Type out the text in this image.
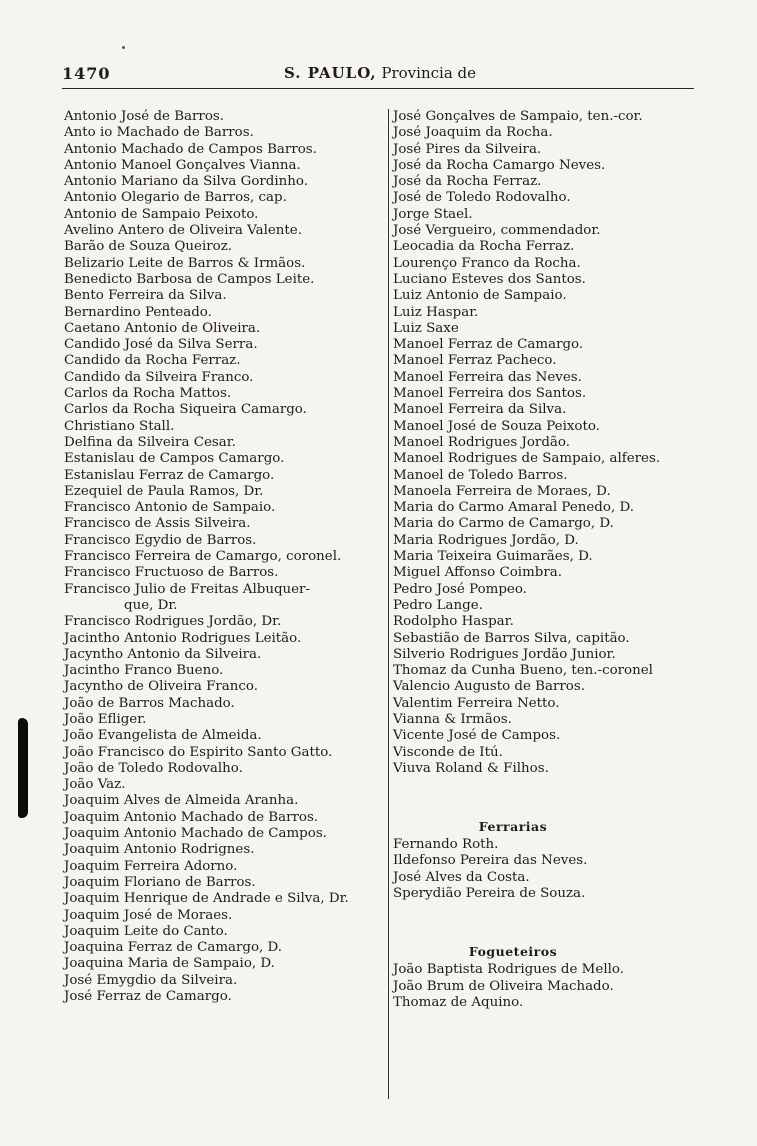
1470	S. PAULO, Provincia de
Antonio José de Barros.
Anto io Machado de Barros.
Antonio Machado de Campos Barros.
Antonio Manoel Gonçalves Vianna.
Antonio Mariano da Silva Gordinho.
Antonio Olegario de Barros, cap.
Antonio de Sampaio Peixoto.
Avelino Antero de Oliveira Valente.
Barão de Souza Queiroz.
Belizario Leite de Barros & Irmãos.
Benedicto Barbosa de Campos Leite.
Bento Ferreira da Silva.
Bernardino Penteado.
Caetano Antonio de Oliveira.
Candido José da Silva Serra.
Candido da Rocha Ferraz.
Candido da Silveira Franco.
Carlos da Rocha Mattos.
Carlos da Rocha Siqueira Camargo.
Christiano Stall.
Delfina da Silveira Cesar.
Estanislau de Campos Camargo.
Estanislau Ferraz de Camargo.
Ezequiel de Paula Ramos, Dr.
Francisco Antonio de Sampaio.
Francisco de Assis Silveira.
Francisco Egydio de Barros.
Francisco Ferreira de Camargo, coronel.
Francisco Fructuoso de Barros.
Francisco Julio de Freitas Albuquer-
que, Dr.
Francisco Rodrigues Jordão, Dr.
Jacintho Antonio Rodrigues Leitão.
Jacyntho Antonio da Silveira.
Jacintho Franco Bueno.
Jacyntho de Oliveira Franco.
João de Barros Machado.
João Efliger.
João Evangelista de Almeida.
João Francisco do Espirito Santo Gatto.
João de Toledo Rodovalho.
João Vaz.
Joaquim Alves de Almeida Aranha.
Joaquim Antonio Machado de Barros.
Joaquim Antonio Machado de Campos.
Joaquim Antonio Rodrignes.
Joaquim Ferreira Adorno.
Joaquim Floriano de Barros.
Joaquim Henrique de Andrade e Silva, Dr.
Joaquim José de Moraes.
Joaquim Leite do Canto.
Joaquina Ferraz de Camargo, D.
Joaquina Maria de Sampaio, D.
José Emygdio da Silveira.
José Ferraz de Camargo.
José Gonçalves de Sampaio, ten.-cor.
José Joaquim da Rocha.
José Pires da Silveira.
José da Rocha Camargo Neves.
José da Rocha Ferraz.
José de Toledo Rodovalho.
Jorge Stael.
José Vergueiro, commendador.
Leocadia da Rocha Ferraz.
Lourenço Franco da Rocha.
Luciano Esteves dos Santos.
Luiz Antonio de Sampaio.
Luiz Haspar.
Luiz Saxe
Manoel Ferraz de Camargo.
Manoel Ferraz Pacheco.
Manoel Ferreira das Neves.
Manoel Ferreira dos Santos.
Manoel Ferreira da Silva.
Manoel José de Souza Peixoto.
Manoel Rodrigues Jordão.
Manoel Rodrigues de Sampaio, alferes.
Manoel de Toledo Barros.
Manoela Ferreira de Moraes, D.
Maria do Carmo Amaral Penedo, D.
Maria do Carmo de Camargo, D.
Maria Rodrigues Jordão, D.
Maria Teixeira Guimarães, D.
Miguel Affonso Coimbra.
Pedro José Pompeo.
Pedro Lange.
Rodolpho Haspar.
Sebastião de Barros Silva, capitão.
Silverio Rodrigues Jordão Junior.
Thomaz da Cunha Bueno, ten.-coronel
Valencio Augusto de Barros.
Valentim Ferreira Netto.
Vianna & Irmãos.
Vicente José de Campos.
Visconde de Itú.
Viuva Roland & Filhos.
Ferrarias
Fernando Roth.
Ildefonso Pereira das Neves.
José Alves da Costa.
Sperydião Pereira de Souza.
Fogueteiros
João Baptista Rodrigues de Mello.
João Brum de Oliveira Machado.
Thomaz de Aquino.
